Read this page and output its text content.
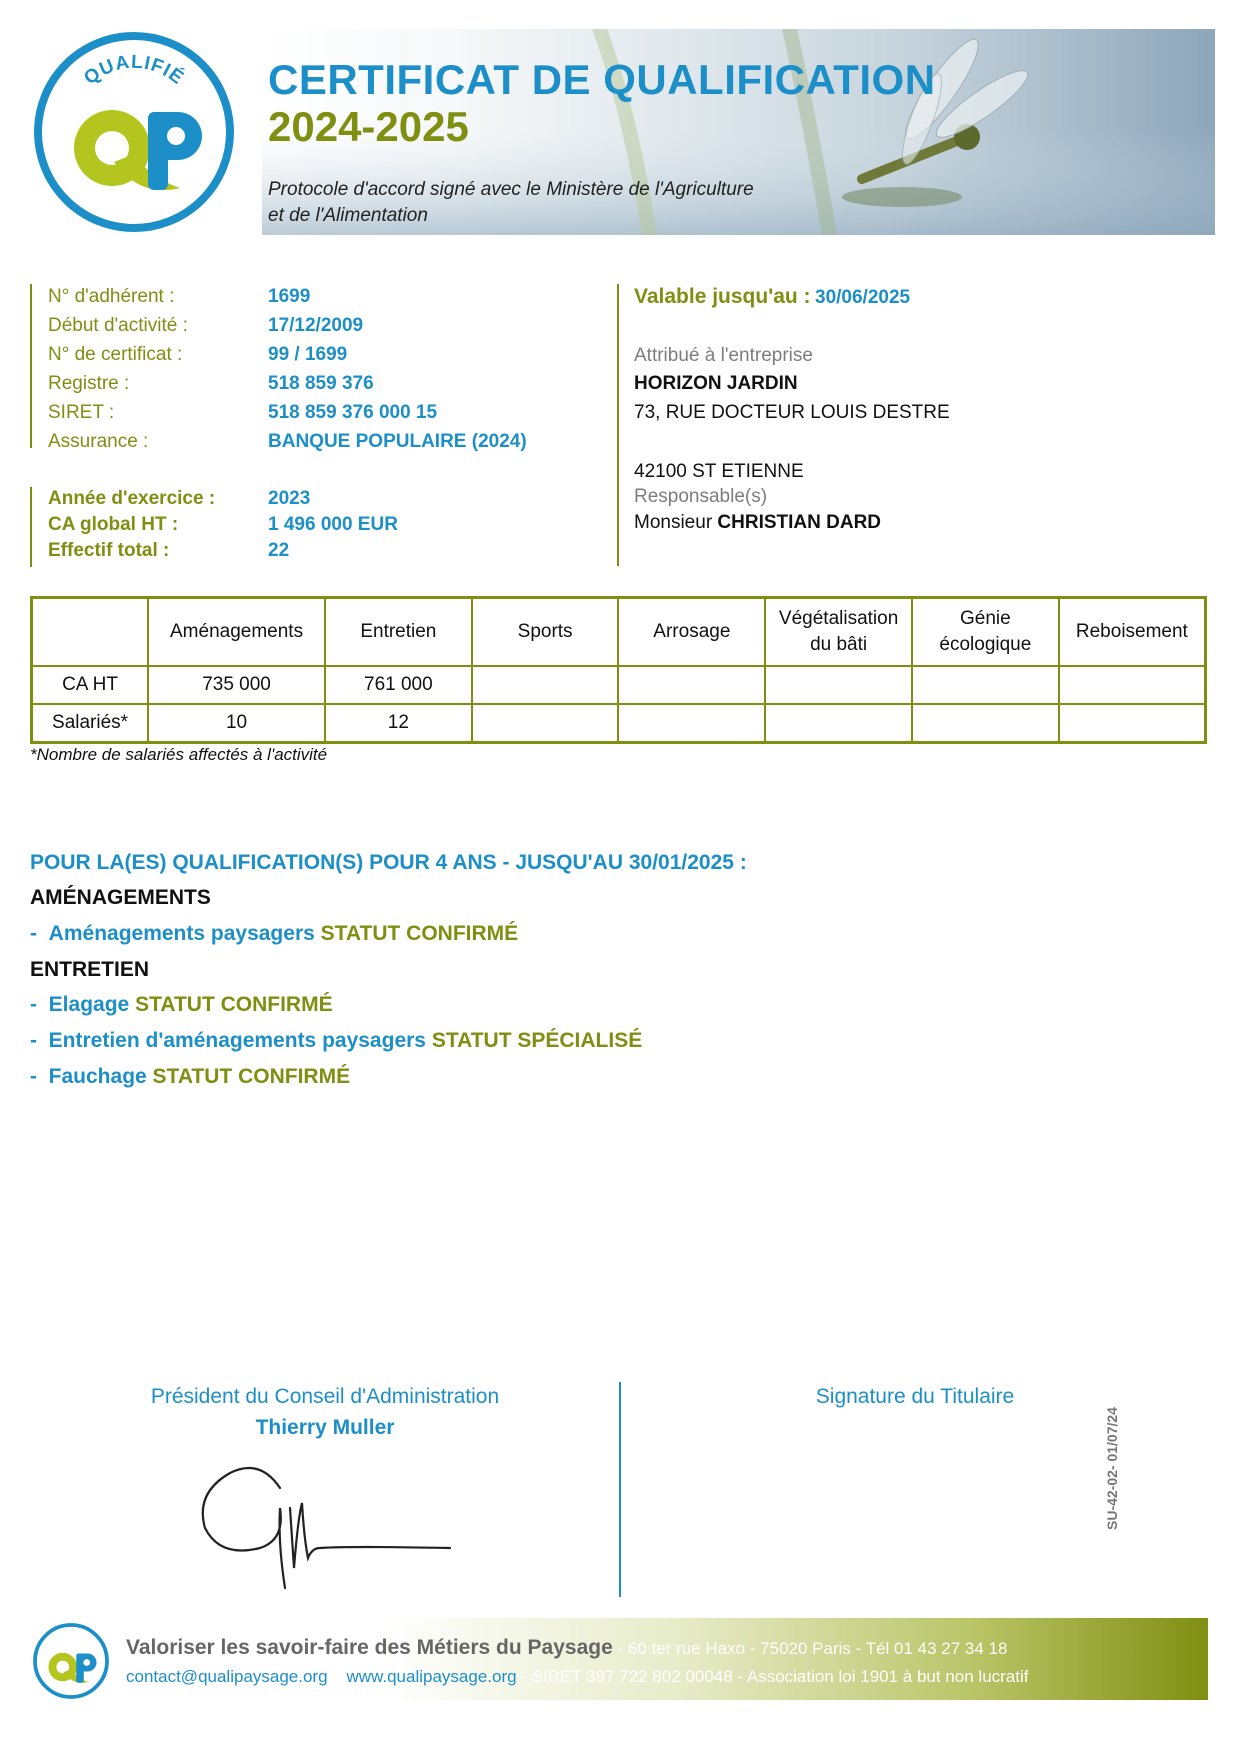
QUALIFIÉ CERTIFICAT DE QUALIFICATION
2024-2025
Protocole d'accord signé avec le Ministère de l'Agriculture
et de l'Alimentation
N° d'adhérent :	1699
Début d'activité :	17/12/2009
N° de certificat :	99 / 1699
Registre :	518 859 376
SIRET :	518 859 376 000 15
Assurance :	BANQUE POPULAIRE (2024)
Année d'exercice :	2023
CA global HT :	1 496 000 EUR
Effectif total :	22
Valable jusqu'au : 30/06/2025
Attribué à l'entreprise
HORIZON JARDIN
73, RUE DOCTEUR LOUIS DESTRE
42100 ST ETIENNE
Responsable(s)
Monsieur CHRISTIAN DARD
	Aménagements	Entretien	Sports	Arrosage	Végétalisation du bâti	Génie écologique	Reboisement
CA HT	735 000	761 000					
Salariés*	10	12					
*Nombre de salariés affectés à l'activité
POUR LA(ES) QUALIFICATION(S) POUR 4 ANS - JUSQU'AU 30/01/2025 :
AMÉNAGEMENTS
-  Aménagements paysagers STATUT CONFIRMÉ
ENTRETIEN
-  Elagage STATUT CONFIRMÉ
-  Entretien d'aménagements paysagers STATUT SPÉCIALISÉ
-  Fauchage STATUT CONFIRMÉ
Président du Conseil d'Administration
Thierry Muller
Signature du Titulaire
SU-42-02- 01/07/24
Valoriser les savoir-faire des Métiers du Paysage - 60 ter rue Haxo - 75020 Paris - Tél 01 43 27 34 18
contact@qualipaysage.org www.qualipaysage.org - SIRET 397 722 802 00048 - Association loi 1901 à but non lucratif
